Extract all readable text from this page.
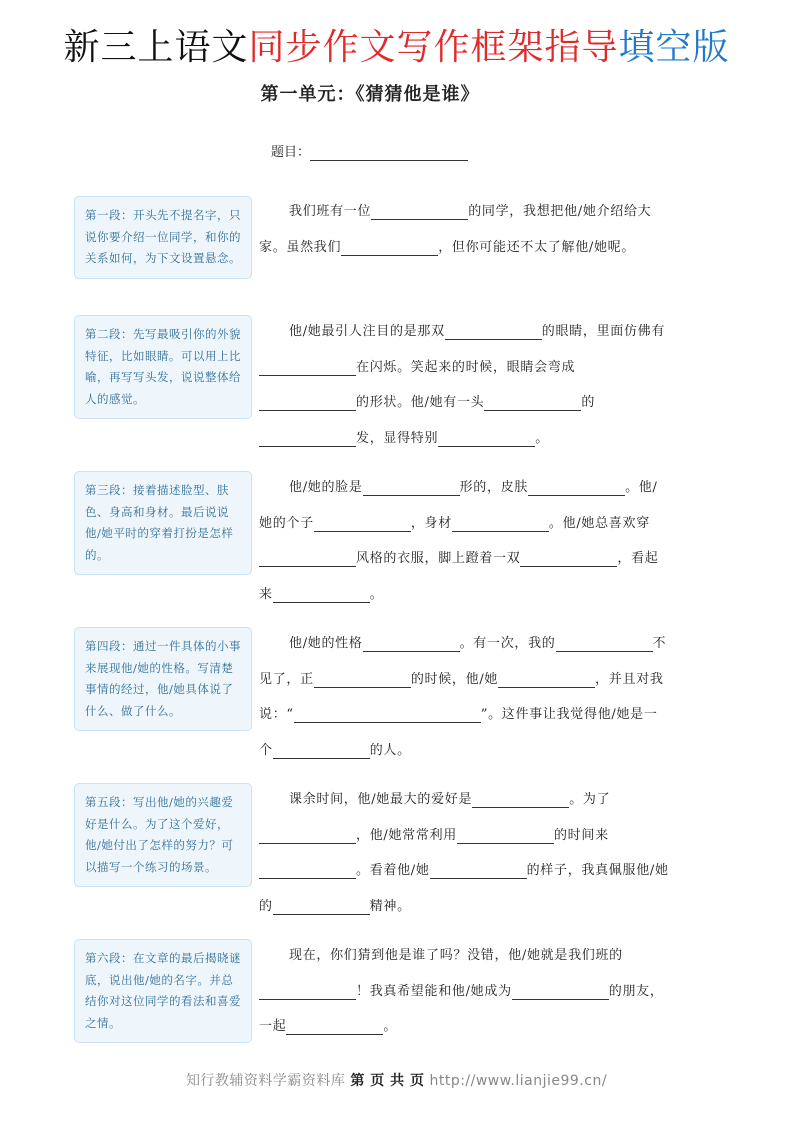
新三上语文同步作文写作框架指导填空版
第一单元：《猜猜他是谁》
题目：
第一段：开头先不提名字，只说你要介绍一位同学，和你的关系如何，为下文设置悬念。
第二段：先写最吸引你的外貌特征，比如眼睛。可以用上比喻，再写写头发，说说整体给人的感觉。
第三段：接着描述脸型、肤色、身高和身材。最后说说他/她平时的穿着打扮是怎样的。
第四段：通过一件具体的小事来展现他/她的性格。写清楚事情的经过，他/她具体说了什么、做了什么。
第五段：写出他/她的兴趣爱好是什么。为了这个爱好，他/她付出了怎样的努力？可以描写一个练习的场景。
第六段：在文章的最后揭晓谜底，说出他/她的名字。并总结你对这位同学的看法和喜爱之情。
我们班有一位	的同学，我想把他/她介绍给大家。虽然我们	，但你可能还不太了解他/她呢。
他/她最引人注目的是那双	的眼睛，里面仿佛有在闪烁。笑起来的时候，眼睛会弯成的形状。他/她有一头	的发，显得特别	。
他/她的脸是	形的，皮肤	。他/她的个子	，身材	。他/她总喜欢穿风格的衣服，脚上蹬着一双	，看起来	。
他/她的性格	。有一次，我的	不见了，正	的时候，他/她	，并且对我说：“	”。这件事让我觉得他/她是一个	的人。
课余时间，他/她最大的爱好是	。为了，他/她常常利用	的时间来。看着他/她	的样子，我真佩服他/她的	精神。
现在，你们猜到他是谁了吗？没错，他/她就是我们班的！我真希望能和他/她成为	的朋友，一起	。
知行教辅资料学霸资料库 第 页 共 页 http://www.lianjie99.cn/
